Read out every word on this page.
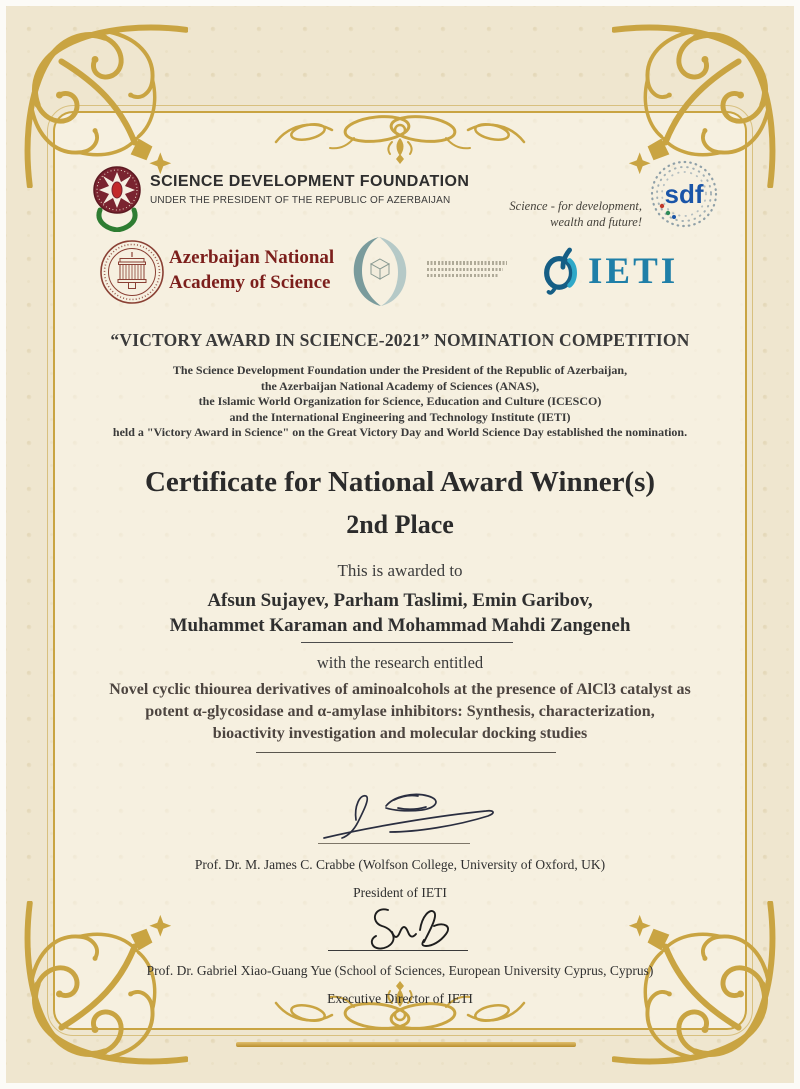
SCIENCE DEVELOPMENT FOUNDATION
UNDER THE PRESIDENT OF THE REPUBLIC OF AZERBAIJAN	Science - for development,
wealth and future!
sdf
Azerbaijan National
Academy of Science	IETI
“VICTORY AWARD IN SCIENCE-2021” NOMINATION COMPETITION
The Science Development Foundation under the President of the Republic of Azerbaijan,
the Azerbaijan National Academy of Sciences (ANAS),
the Islamic World Organization for Science, Education and Culture (ICESCO)
and the International Engineering and Technology Institute (IETI)
held a "Victory Award in Science" on the Great Victory Day and World Science Day established the nomination.
Certificate for National Award Winner(s)
2nd Place
This is awarded to
Afsun Sujayev, Parham Taslimi, Emin Garibov,
Muhammet Karaman and Mohammad Mahdi Zangeneh
with the research entitled
Novel cyclic thiourea derivatives of aminoalcohols at the presence of AlCl3 catalyst as
potent α-glycosidase and α-amylase inhibitors: Synthesis, characterization,
bioactivity investigation and molecular docking studies
Prof. Dr. M. James C. Crabbe (Wolfson College, University of Oxford, UK)
President of IETI
Prof. Dr. Gabriel Xiao-Guang Yue (School of Sciences, European University Cyprus, Cyprus)
Executive Director of IETI
